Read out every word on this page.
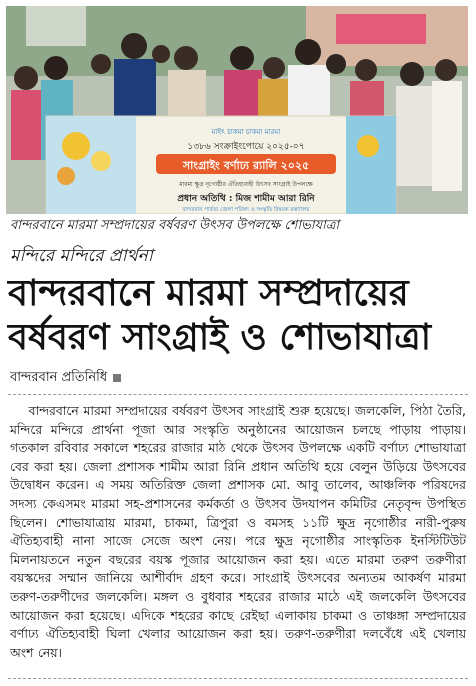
মাইৎ চাকমা চাকমা মারমা
১৩৮৬ সংক্রাইংপোয়ে ২০২৫-০৭
সাংগ্রাইং বর্ণাঢ্য র‍্যালি ২০২৫
মারমা ক্ষুদ্র নৃগোষ্ঠীর ঐতিহ্যবাহী উৎসব সাংগ্রাই উপলক্ষে
প্রধান অতিথি : মিজ শামীম আরা রিনি
বান্দরবান পার্বত্য জেলা পরিষদ ও সংস্কৃতি বিষয়ক মন্ত্রণালয়
বান্দরবানে মারমা সম্প্রদায়ের বর্ষবরণ উৎসব উপলক্ষে শোভাযাত্রা
মন্দিরে মন্দিরে প্রার্থনা
বান্দরবানে মারমা সম্প্রদায়ের
বর্ষবরণ সাংগ্রাই ও শোভাযাত্রা
বান্দরবান প্রতিনিধি
বান্দরবানে মারমা সম্প্রদায়ের বর্ষবরণ উৎসব সাংগ্রাই শুরু হয়েছে। জলকেলি, পিঠা তৈরি, মন্দিরে মন্দিরে প্রার্থনা পূজা আর সংস্কৃতি অনুষ্ঠানের আয়োজন চলছে পাড়ায় পাড়ায়। গতকাল রবিবার সকালে শহরের রাজার মাঠ থেকে উৎসব উপলক্ষে একটি বর্ণাঢ্য শোভাযাত্রা বের করা হয়। জেলা প্রশাসক শামীম আরা রিনি প্রধান অতিথি হয়ে বেলুন উড়িয়ে উৎসবের উদ্বোধন করেন। এ সময় অতিরিক্ত জেলা প্রশাসক মো. আবু তালেব, আঞ্চলিক পরিষদের সদস্য কেএসমং মারমা সহ-প্রশাসনের কর্মকর্তা ও উৎসব উদযাপন কমিটির নেতৃবৃন্দ উপস্থিত ছিলেন। শোভাযাত্রায় মারমা, চাকমা, ত্রিপুরা ও বমসহ ১১টি ক্ষুদ্র নৃগোষ্ঠীর নারী-পুরুষ ঐতিহ্যবাহী নানা সাজে সেজে অংশ নেয়। পরে ক্ষুদ্র নৃগোষ্ঠীর সাংস্কৃতিক ইনস্টিটিউট মিলনায়তনে নতুন বছরের বয়স্ক পূজার আয়োজন করা হয়। এতে মারমা তরুণ তরুণীরা বয়স্কদের সম্মান জানিয়ে আশীর্বাদ গ্রহণ করে। সাংগ্রাই উৎসবের অন্যতম আকর্ষণ মারমা তরুণ-তরুণীদের জলকেলি। মঙ্গল ও বুধবার শহরের রাজার মাঠে এই জলকেলি উৎসবের আয়োজন করা হয়েছে। এদিকে শহরের কাছে রেইছা এলাকায় চাকমা ও তাঞ্চঙ্গা সম্প্রদায়ের বর্ণাঢ্য ঐতিহ্যবাহী ঘিলা খেলার আয়োজন করা হয়। তরুণ-তরুণীরা দলবেঁধে এই খেলায় অংশ নেয়।
